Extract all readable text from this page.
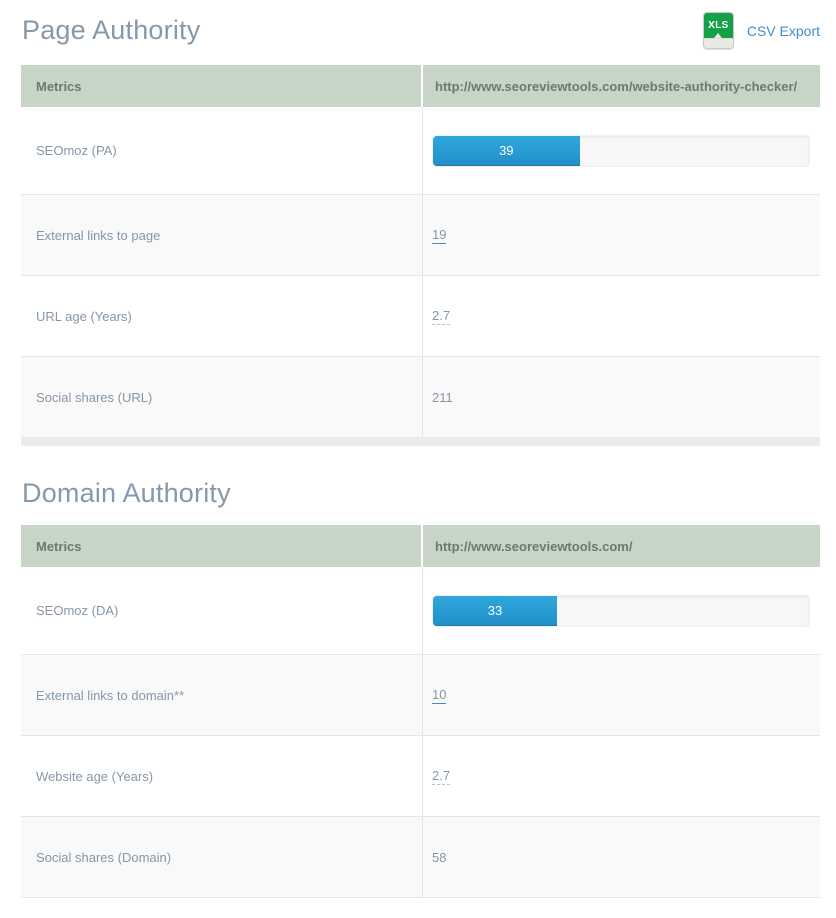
Page Authority	XLS CSV Export
Metrics	http://www.seoreviewtools.com/website-authority-checker/
SEOmoz (PA)	39
External links to page	19
URL age (Years)	2.7
Social shares (URL)	211
Domain Authority
Metrics	http://www.seoreviewtools.com/
SEOmoz (DA)	33
External links to domain**	10
Website age (Years)	2.7
Social shares (Domain)	58
